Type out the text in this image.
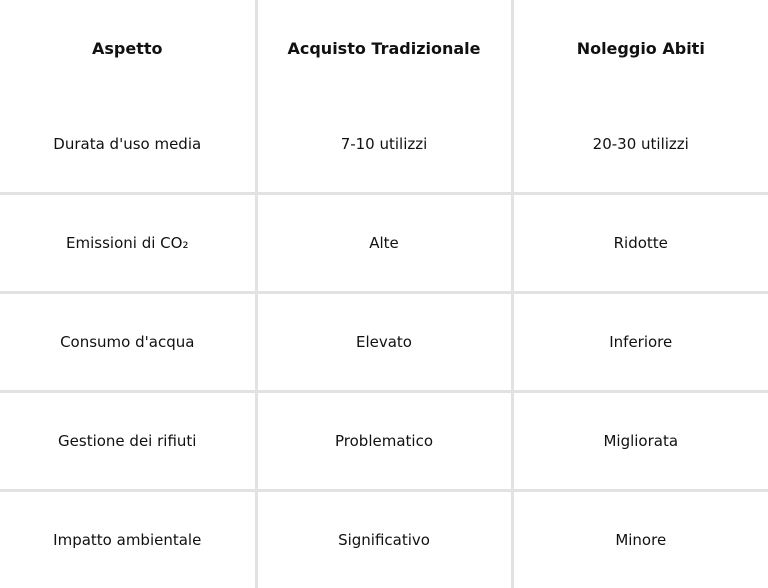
Aspetto	Acquisto Tradizionale	Noleggio Abiti
Durata d'uso media	7-10 utilizzi	20-30 utilizzi
Emissioni di CO₂	Alte	Ridotte
Consumo d'acqua	Elevato	Inferiore
Gestione dei rifiuti	Problematico	Migliorata
Impatto ambientale	Significativo	Minore
